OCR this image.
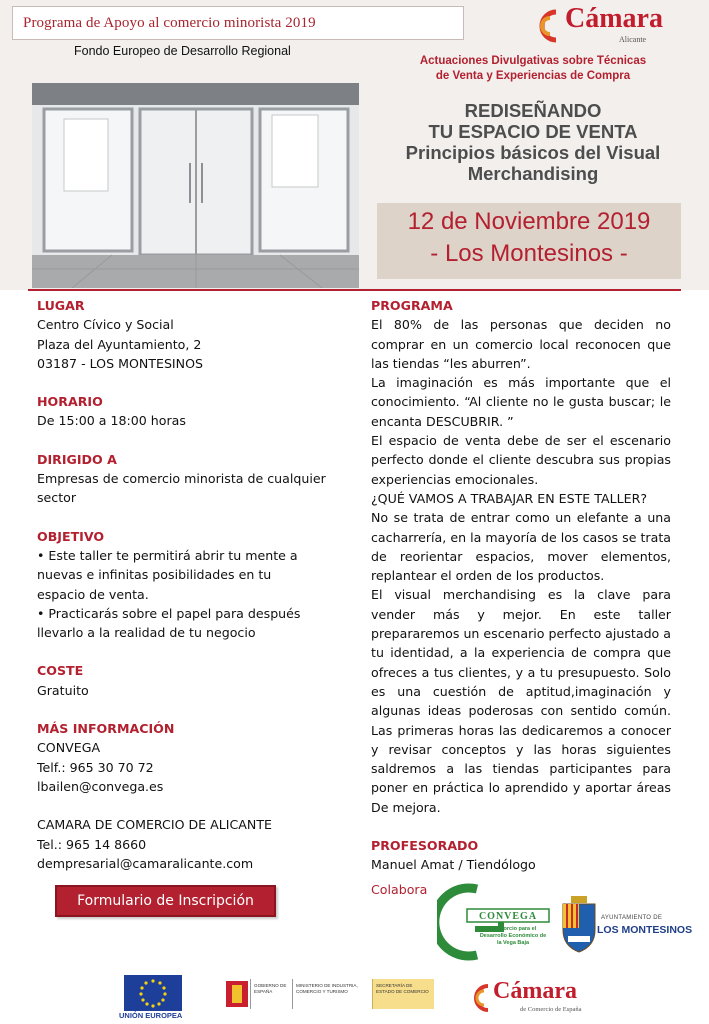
Programa de Apoyo al comercio minorista 2019
Fondo Europeo de Desarrollo Regional
Cámara
Alicante
Actuaciones Divulgativas sobre Técnicas
de Venta y Experiencias de Compra
REDISEÑANDO
TU ESPACIO DE VENTA
Principios básicos del Visual
Merchandising
12 de Noviembre 2019
- Los Montesinos -
LUGAR
Centro Cívico y Social
Plaza del Ayuntamiento, 2
03187 - LOS MONTESINOS
HORARIO
De 15:00 a 18:00 horas
DIRIGIDO A
Empresas de comercio minorista de cualquier
sector
OBJETIVO
• Este taller te permitirá abrir tu mente a
nuevas e infinitas posibilidades en tu
espacio de venta.
• Practicarás sobre el papel para después
llevarlo a la realidad de tu negocio
COSTE
Gratuito
MÁS INFORMACIÓN
CONVEGA
Telf.: 965 30 70 72
lbailen@convega.es
CAMARA DE COMERCIO DE ALICANTE
Tel.: 965 14 8660
dempresarial@camaralicante.com
Formulario de Inscripción
PROGRAMA
El 80% de las personas que deciden no comprar en un comercio local reconocen que las tiendas “les aburren”.
La imaginación es más importante que el conocimiento. “Al cliente no le gusta buscar; le encanta DESCUBRIR. ”
El espacio de venta debe de ser el escenario perfecto donde el cliente descubra sus propias experiencias emocionales.
¿QUÉ VAMOS A TRABAJAR EN ESTE TALLER?
No se trata de entrar como un elefante a una cacharrería, en la mayoría de los casos se trata de reorientar espacios, mover elementos, replantear el orden de los productos.
El visual merchandising es la clave para vender más y mejor. En este taller prepararemos un escenario perfecto ajustado a tu identidad, a la experiencia de compra que ofreces a tus clientes, y a tu presupuesto. Solo es una cuestión de aptitud,imaginación y algunas ideas poderosas con sentido común. Las primeras horas las dedicaremos a conocer y revisar conceptos y las horas siguientes saldremos a las tiendas participantes para poner en práctica lo aprendido y aportar áreas De mejora.
PROFESORADO
Manuel Amat / Tiendólogo
Colabora
CONVEGA
Consorcio para el Desarrollo Económico de la Vega Baja
AYUNTAMIENTO DE
LOS MONTESINOS
UNIÓN EUROPEA
GOBIERNO DE ESPAÑA
MINISTERIO DE INDUSTRIA, COMERCIO Y TURISMO
SECRETARÍA DE ESTADO DE COMERCIO	Cámara
de Comercio de España
